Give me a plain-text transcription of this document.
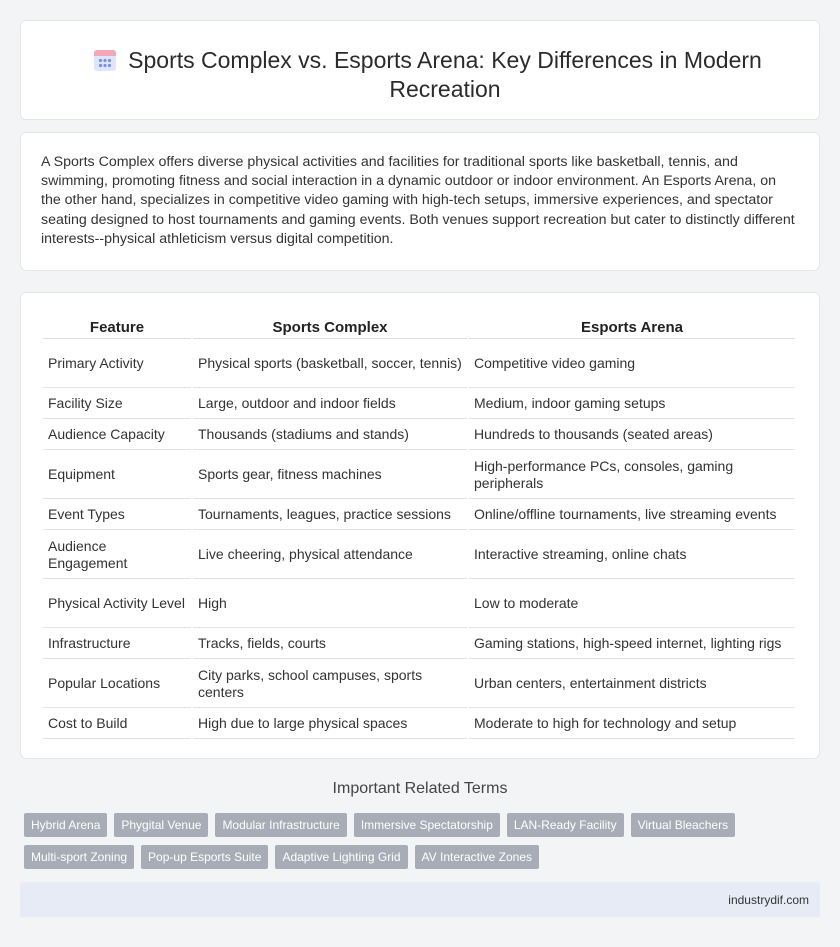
Sports Complex vs. Esports Arena: Key Differences in Modern Recreation

A Sports Complex offers diverse physical activities and facilities for traditional sports like basketball, tennis, and swimming, promoting fitness and social interaction in a dynamic outdoor or indoor environment. An Esports Arena, on the other hand, specializes in competitive video gaming with high-tech setups, immersive experiences, and spectator seating designed to host tournaments and gaming events. Both venues support recreation but cater to distinctly different interests--physical athleticism versus digital competition.

Feature	Sports Complex	Esports Arena
Primary Activity	Physical sports (basketball, soccer, tennis)	Competitive video gaming
Facility Size	Large, outdoor and indoor fields	Medium, indoor gaming setups
Audience Capacity	Thousands (stadiums and stands)	Hundreds to thousands (seated areas)
Equipment	Sports gear, fitness machines	High-performance PCs, consoles, gaming peripherals
Event Types	Tournaments, leagues, practice sessions	Online/offline tournaments, live streaming events
Audience Engagement	Live cheering, physical attendance	Interactive streaming, online chats
Physical Activity Level	High	Low to moderate
Infrastructure	Tracks, fields, courts	Gaming stations, high-speed internet, lighting rigs
Popular Locations	City parks, school campuses, sports centers	Urban centers, entertainment districts
Cost to Build	High due to large physical spaces	Moderate to high for technology and setup
Important Related Terms
Hybrid Arena	Phygital Venue	Modular Infrastructure	Immersive Spectatorship	LAN-Ready Facility	Virtual Bleachers
Multi-sport Zoning	Pop-up Esports Suite	Adaptive Lighting Grid	AV Interactive Zones
industrydif.com
